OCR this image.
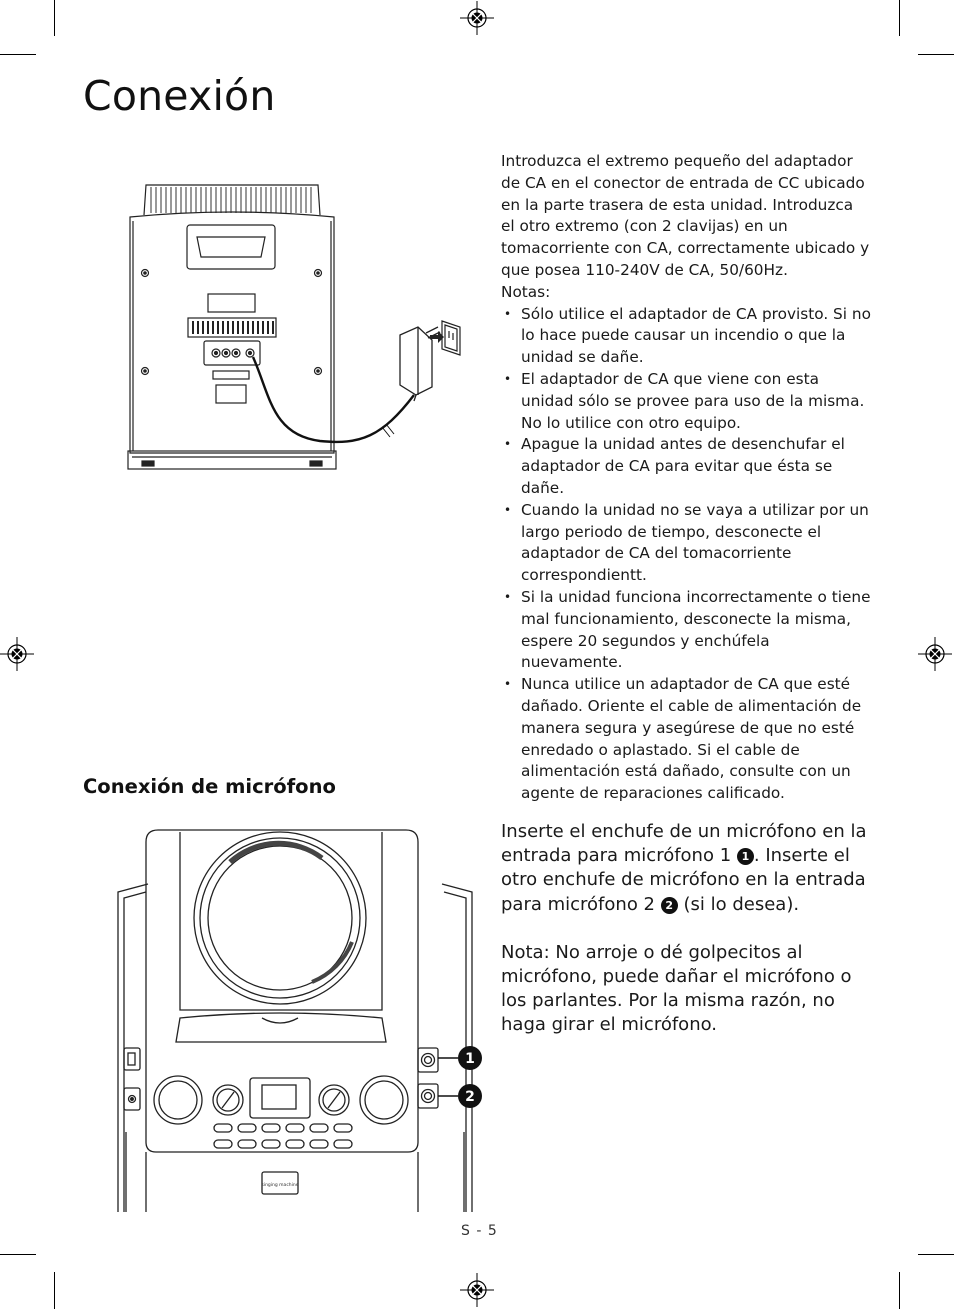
Conexión

Introduzca el extremo pequeño del adaptador de CA en el conector de entrada de CC ubicado en la parte trasera de esta unidad. Introduzca el otro extremo (con 2 clavijas) en un tomacorriente con CA, correctamente ubicado y que posea 110-240V de CA, 50/60Hz.

Notas:
• Sólo utilice el adaptador de CA provisto. Si no lo hace puede causar un incendio o que la unidad se dañe.
• El adaptador de CA que viene con esta unidad sólo se provee para uso de la misma. No lo utilice con otro equipo.
• Apague la unidad antes de desenchufar el adaptador de CA para evitar que ésta se dañe.
• Cuando la unidad no se vaya a utilizar por un largo periodo de tiempo, desconecte el adaptador de CA del tomacorriente correspondientt.
• Si la unidad funciona incorrectamente o tiene mal funcionamiento, desconecte la misma, espere 20 segundos y enchúfela nuevamente.
• Nunca utilice un adaptador de CA que esté dañado. Oriente el cable de alimentación de manera segura y asegúrese de que no esté enredado o aplastado. Si el cable de alimentación está dañado, consulte con un agente de reparaciones calificado.
Conexión de micrófono
singing machine
1
2

Inserte el enchufe de un micrófono en la entrada para micrófono 1 1 . Inserte el otro enchufe de micrófono en la entrada para micrófono 2 2 (si lo desea).

Nota: No arroje o dé golpecitos al micrófono, puede dañar el micrófono o los parlantes. Por la misma razón, no haga girar el micrófono.

S - 5
